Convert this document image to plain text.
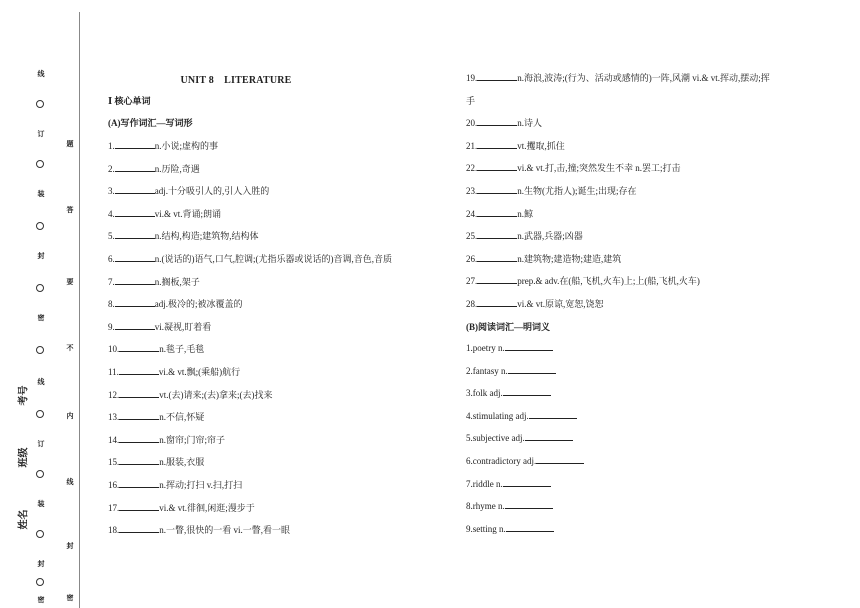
考号
班级
姓名
线
订
装
封
密
线
订
装
封
密
题
答
要
不
内
线
封
密
UNIT 8　LITERATURE
Ⅰ 核心单词
(A)写作词汇—写词形
1.	n.小说;虚构的事
2.	n.历险,奇遇
3.	adj.十分吸引人的,引人入胜的
4.	vi.& vt.背诵;朗诵
5.	n.结构,构造;建筑物,结构体
6.	n.(说话的)语气,口气,腔调;(尤指乐器或说话的)音调,音色,音质
7.	n.搁板,架子
8.	adj.极冷的;被冰覆盖的
9.	vi.凝视,盯着看
10.	n.毯子,毛毯
11.	vi.& vt.飘;(乘船)航行
12.	vt.(去)请来;(去)拿来;(去)找来
13.	n.不信,怀疑
14.	n.窗帘;门帘;帘子
15.	n.服装,衣服
16.	n.挥动;打扫 v.扫,打扫
17.	vi.& vt.徘徊,闲逛;漫步于
18.	n.一瞥,很快的一看 vi.一瞥,看一眼
19.	n.海浪,波涛;(行为、活动或感情的)一阵,风潮 vi.& vt.挥动,摆动;挥
手
20.	n.诗人
21.	vt.攫取,抓住
22.	vi.& vt.打,击,撞;突然发生不幸 n.罢工;打击
23.	n.生物(尤指人);诞生;出现;存在
24.	n.鲸
25.	n.武器,兵器;凶器
26.	n.建筑物;建造物;建造,建筑
27.	prep.& adv.在(船,飞机,火车)上;上(船,飞机,火车)
28.	vi.& vt.原谅,宽恕,饶恕
(B)阅读词汇—明词义
1.poetry n.
2.fantasy n.
3.folk adj.
4.stimulating adj.
5.subjective adj.
6.contradictory adj.
7.riddle n.
8.rhyme n.
9.setting n.
